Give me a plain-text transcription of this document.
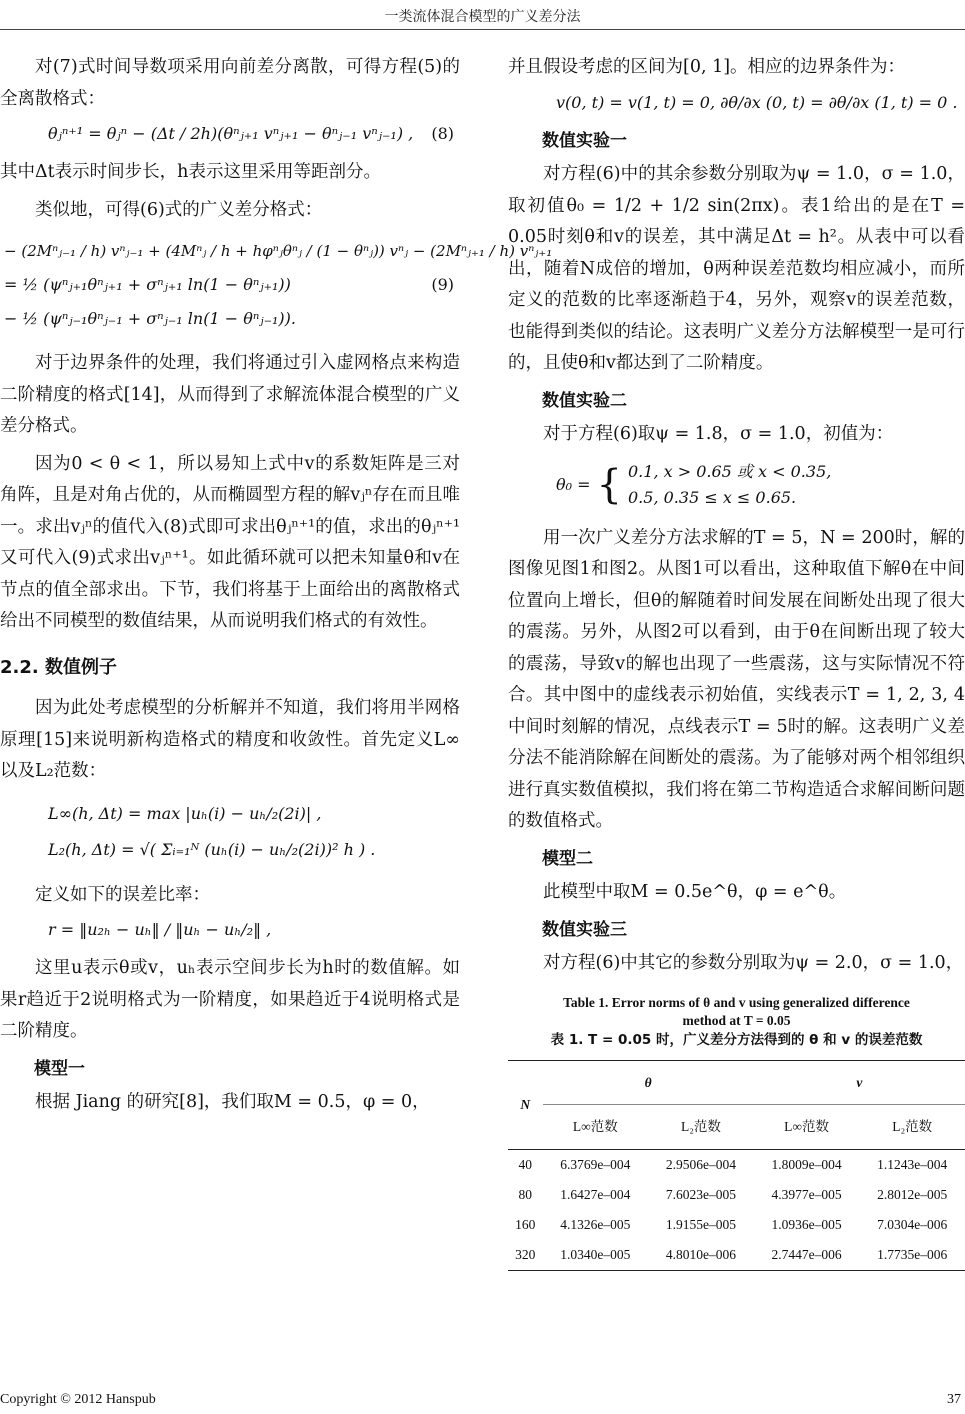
一类流体混合模型的广义差分法

对(7)式时间导数项采用向前差分离散，可得方程(5)的全离散格式：

θⱼⁿ⁺¹ = θⱼⁿ − (Δt / 2h)(θⁿⱼ₊₁ vⁿⱼ₊₁ − θⁿⱼ₋₁ vⁿⱼ₋₁) ,	(8)

其中Δt表示时间步长，h表示这里采用等距剖分。

类似地，可得(6)式的广义差分格式：

− (2Mⁿⱼ₋₁ / h) vⁿⱼ₋₁ + (4Mⁿⱼ / h + hφⁿⱼθⁿⱼ / (1 − θⁿⱼ)) vⁿⱼ − (2Mⁿⱼ₊₁ / h) vⁿⱼ₊₁
= ½ (ψⁿⱼ₊₁θⁿⱼ₊₁ + σⁿⱼ₊₁ ln(1 − θⁿⱼ₊₁))
− ½ (ψⁿⱼ₋₁θⁿⱼ₋₁ + σⁿⱼ₋₁ ln(1 − θⁿⱼ₋₁)).
(9)

对于边界条件的处理，我们将通过引入虚网格点来构造二阶精度的格式[14]，从而得到了求解流体混合模型的广义差分格式。

因为0 < θ < 1，所以易知上式中v的系数矩阵是三对角阵，且是对角占优的，从而椭圆型方程的解vⱼⁿ存在而且唯一。求出vⱼⁿ的值代入(8)式即可求出θⱼⁿ⁺¹的值，求出的θⱼⁿ⁺¹又可代入(9)式求出vⱼⁿ⁺¹。如此循环就可以把未知量θ和v在节点的值全部求出。下节，我们将基于上面给出的离散格式给出不同模型的数值结果，从而说明我们格式的有效性。

2.2. 数值例子

因为此处考虑模型的分析解并不知道，我们将用半网格原理[15]来说明新构造格式的精度和收敛性。首先定义L∞以及L₂范数：

L∞(h, Δt) = max |uₕ(i) − uₕ/₂(2i)| ,
L₂(h, Δt) = √( Σᵢ₌₁ᴺ (uₕ(i) − uₕ/₂(2i))² h ) .

定义如下的误差比率：

r = ‖u₂ₕ − uₕ‖ / ‖uₕ − uₕ/₂‖ ,

这里u表示θ或v，uₕ表示空间步长为h时的数值解。如果r趋近于2说明格式为一阶精度，如果趋近于4说明格式是二阶精度。

模型一

根据 Jiang 的研究[8]，我们取M = 0.5，φ = 0，

并且假设考虑的区间为[0, 1]。相应的边界条件为：

v(0, t) = v(1, t) = 0, ∂θ/∂x (0, t) = ∂θ/∂x (1, t) = 0 .
数值实验一

对方程(6)中的其余参数分别取为ψ = 1.0，σ = 1.0，取初值θ₀ = 1/2 + 1/2 sin(2πx)。表1给出的是在T = 0.05时刻θ和v的误差，其中满足Δt = h²。从表中可以看出，随着N成倍的增加，θ两种误差范数均相应减小，而所定义的范数的比率逐渐趋于4，另外，观察v的误差范数，也能得到类似的结论。这表明广义差分方法解模型一是可行的，且使θ和v都达到了二阶精度。

数值实验二

对于方程(6)取ψ = 1.8，σ = 1.0，初值为：

θ₀ = { 0.1, x > 0.65 或 x < 0.35,
0.5, 0.35 ≤ x ≤ 0.65.

用一次广义差分方法求解的T = 5，N = 200时，解的图像见图1和图2。从图1可以看出，这种取值下解θ在中间位置向上增长，但θ的解随着时间发展在间断处出现了很大的震荡。另外，从图2可以看到，由于θ在间断出现了较大的震荡，导致v的解也出现了一些震荡，这与实际情况不符合。其中图中的虚线表示初始值，实线表示T = 1, 2, 3, 4中间时刻解的情况，点线表示T = 5时的解。这表明广义差分法不能消除解在间断处的震荡。为了能够对两个相邻组织进行真实数值模拟，我们将在第二节构造适合求解间断问题的数值格式。

模型二

此模型中取M = 0.5e^θ，φ = e^θ。

数值实验三

对方程(6)中其它的参数分别取为ψ = 2.0，σ = 1.0，

Table 1. Error norms of θ and v using generalized difference
method at T = 0.05
表 1. T = 0.05 时，广义差分方法得到的 θ 和 v 的误差范数
N	θ		v	
	L∞范数	L₂范数	L∞范数	L₂范数
40	6.3769e–004	2.9506e–004	1.8009e–004	1.1243e–004
80	1.6427e–004	7.6023e–005	4.3977e–005	2.8012e–005
160	4.1326e–005	1.9155e–005	1.0936e–005	7.0304e–006
320	1.0340e–005	4.8010e–006	2.7447e–006	1.7735e–006
Copyright © 2012 Hanspub	37
